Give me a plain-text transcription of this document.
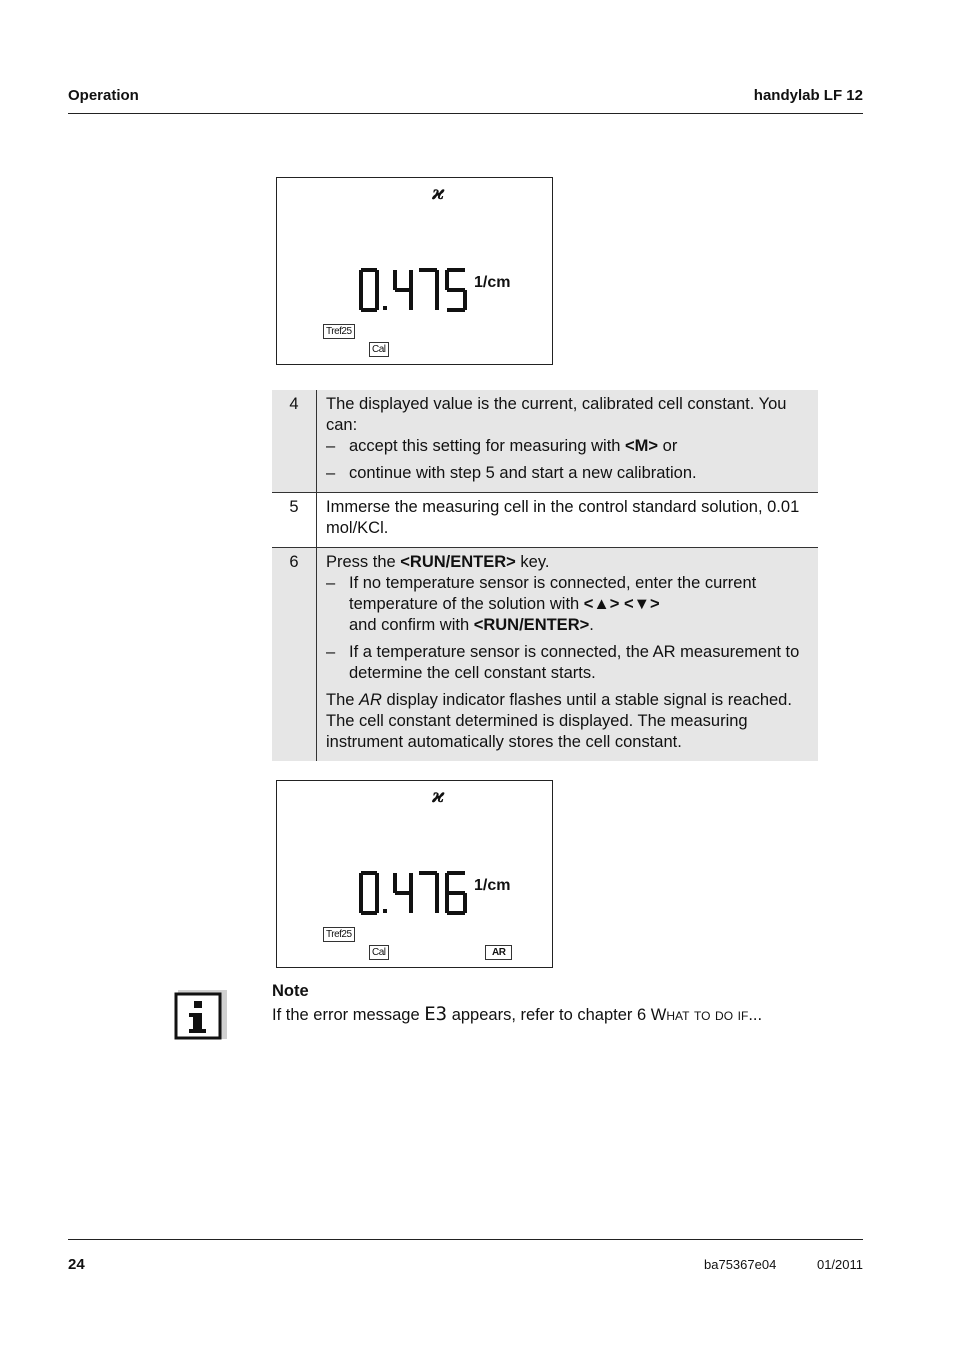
Operation	handylab LF 12
ϰ
1/cm
Tref25
Cal
4	The displayed value is the current, calibrated cell constant. You can:
– accept this setting for measuring with <M> or
– continue with step 5 and start a new calibration.

5	Immerse the measuring cell in the control standard solution, 0.01 mol/KCl.
6	Press the <RUN/ENTER> key.
– If no temperature sensor is connected, enter the current temperature of the solution with <▲> <▼>
and confirm with <RUN/ENTER>.
– If a temperature sensor is connected, the AR measurement to determine the cell constant starts.
The AR display indicator flashes until a stable signal is reached. The cell constant determined is displayed. The measuring instrument automatically stores the cell constant.
ϰ
1/cm
Tref25
Cal	AR
Note
If the error message E3 appears, refer to chapter 6 What to do if...
24	ba75367e04	01/2011
